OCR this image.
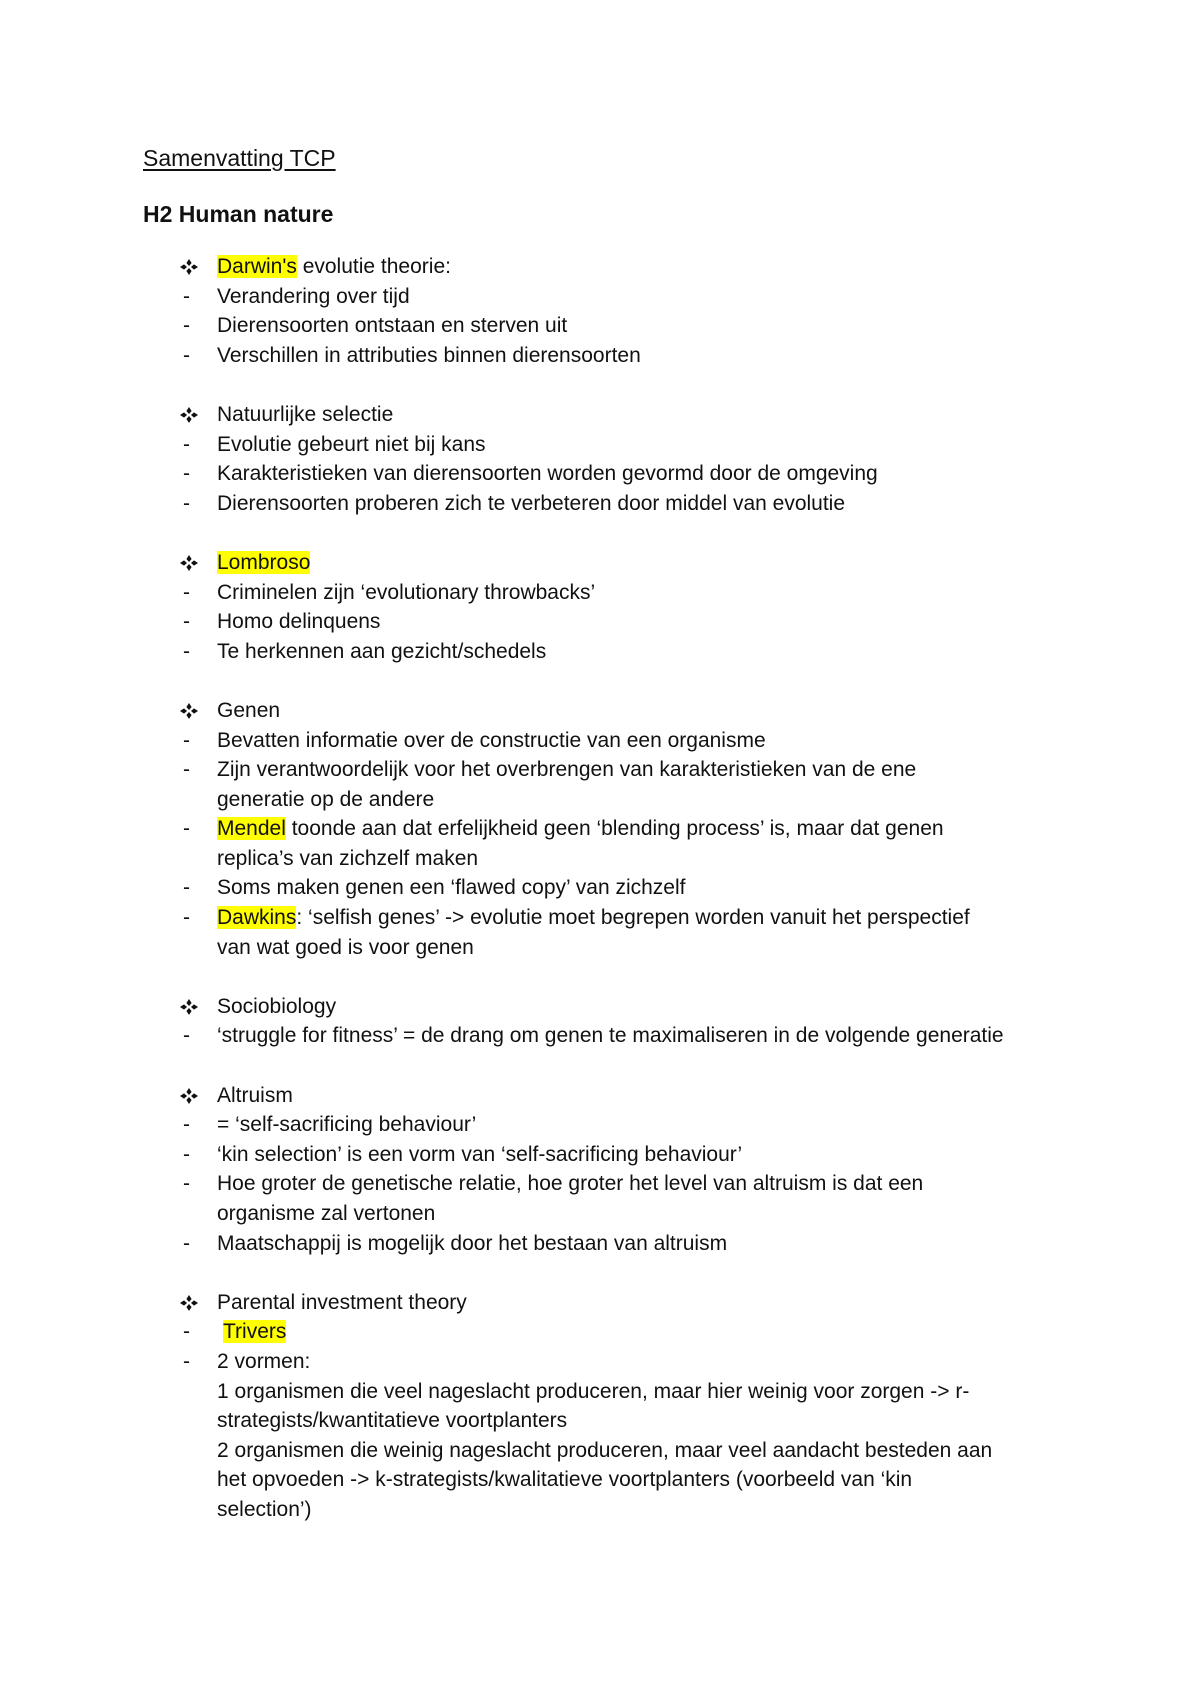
Samenvatting TCP
H2 Human nature
Darwin's evolutie theorie:
- Verandering over tijd
- Dierensoorten ontstaan en sterven uit
- Verschillen in attributies binnen dierensoorten
Natuurlijke selectie
- Evolutie gebeurt niet bij kans
- Karakteristieken van dierensoorten worden gevormd door de omgeving
- Dierensoorten proberen zich te verbeteren door middel van evolutie
Lombroso
- Criminelen zijn ‘evolutionary throwbacks’
- Homo delinquens
- Te herkennen aan gezicht/schedels
Genen
- Bevatten informatie over de constructie van een organisme
- Zijn verantwoordelijk voor het overbrengen van karakteristieken van de ene
generatie op de andere
- Mendel toonde aan dat erfelijkheid geen ‘blending process’ is, maar dat genen
replica’s van zichzelf maken
- Soms maken genen een ‘flawed copy’ van zichzelf
- Dawkins: ‘selfish genes’ -> evolutie moet begrepen worden vanuit het perspectief
van wat goed is voor genen
Sociobiology
- ‘struggle for fitness’ = de drang om genen te maximaliseren in de volgende generatie
Altruism
- = ‘self-sacrificing behaviour’
- ‘kin selection’ is een vorm van ‘self-sacrificing behaviour’
- Hoe groter de genetische relatie, hoe groter het level van altruism is dat een
organisme zal vertonen
- Maatschappij is mogelijk door het bestaan van altruism
Parental investment theory
- Trivers
- 2 vormen:
1 organismen die veel nageslacht produceren, maar hier weinig voor zorgen -> r-
strategists/kwantitatieve voortplanters
2 organismen die weinig nageslacht produceren, maar veel aandacht besteden aan
het opvoeden -> k-strategists/kwalitatieve voortplanters (voorbeeld van ‘kin
selection’)
